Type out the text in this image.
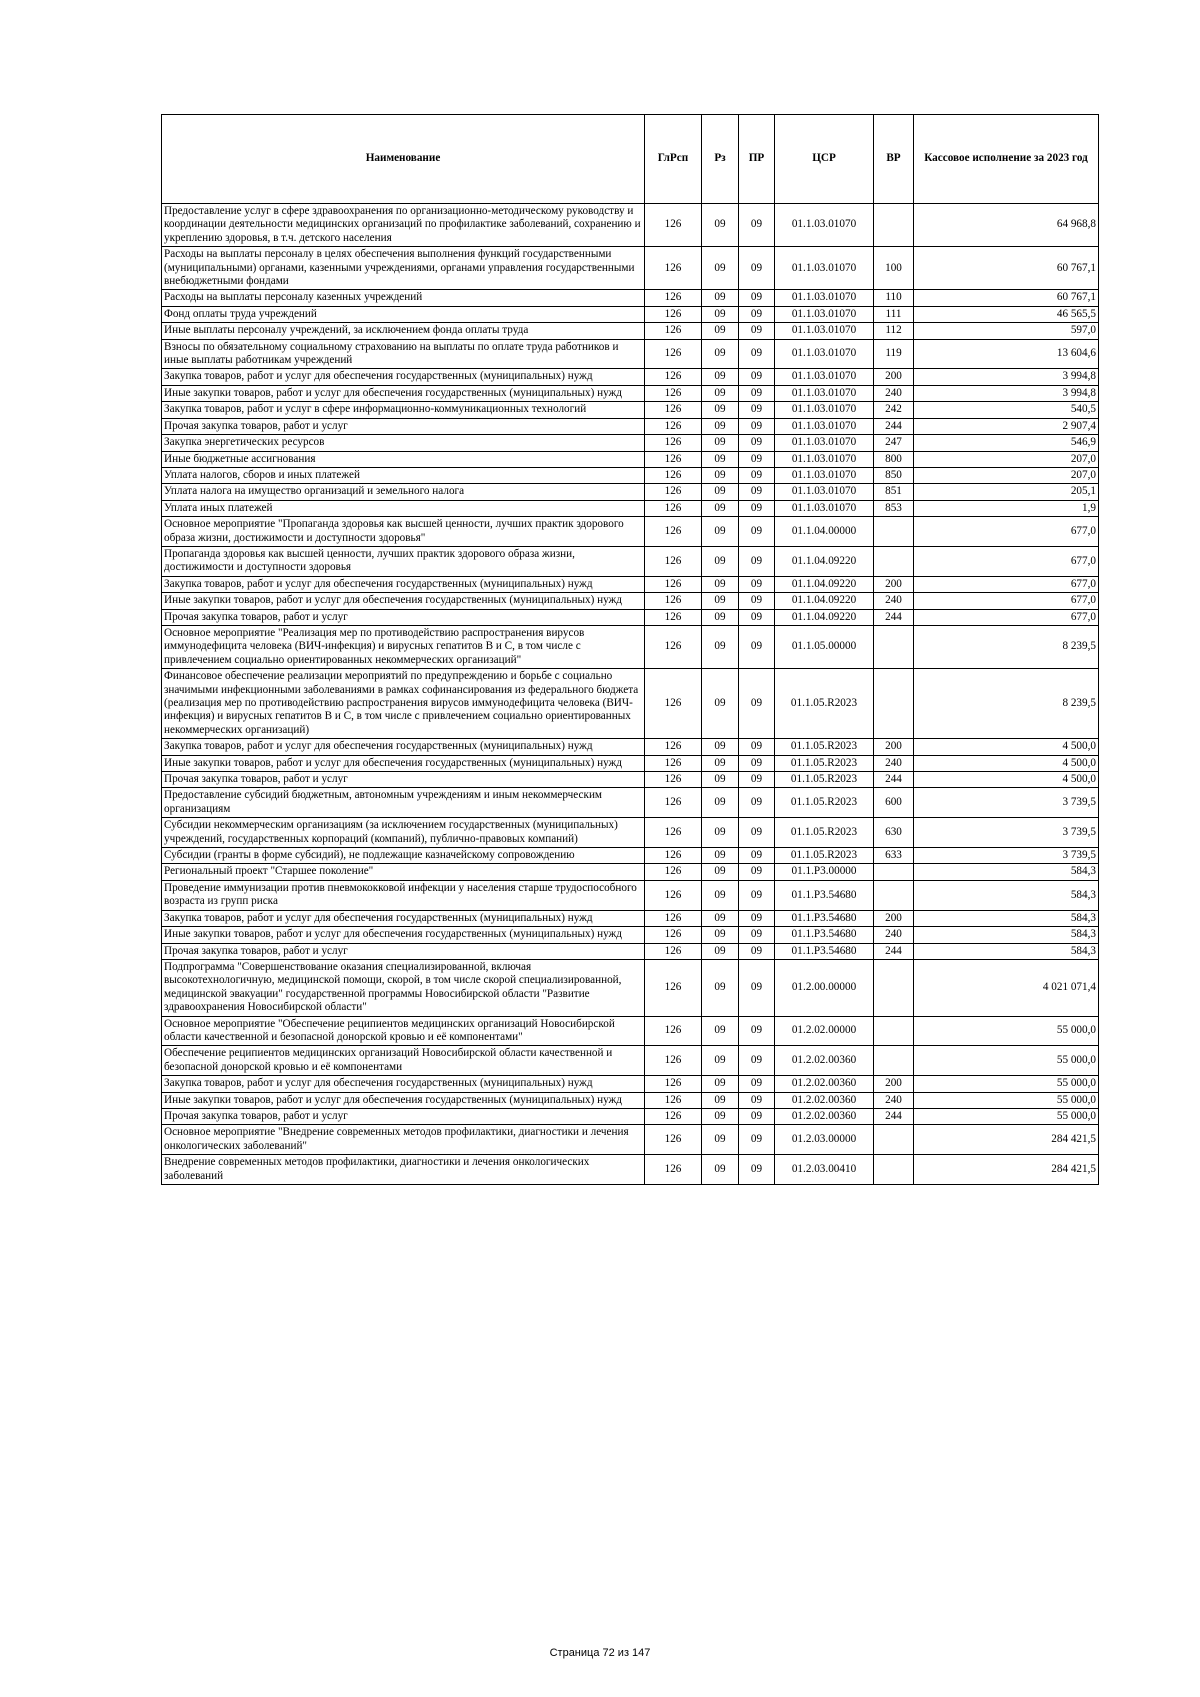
Наименование	ГлРсп	Рз	ПР	ЦСР	ВР	Кассовое исполнение за 2023 год
Предоставление услуг в сфере здравоохранения по организационно-методическому руководству и координации деятельности медицинских организаций по профилактике заболеваний, сохранению и укреплению здоровья, в т.ч. детского населения	126	09	09	01.1.03.01070		64 968,8
Расходы на выплаты персоналу в целях обеспечения выполнения функций государственными (муниципальными) органами, казенными учреждениями, органами управления государственными внебюджетными фондами	126	09	09	01.1.03.01070	100	60 767,1
Расходы на выплаты персоналу казенных учреждений	126	09	09	01.1.03.01070	110	60 767,1
Фонд оплаты труда учреждений	126	09	09	01.1.03.01070	111	46 565,5
Иные выплаты персоналу учреждений, за исключением фонда оплаты труда	126	09	09	01.1.03.01070	112	597,0
Взносы по обязательному социальному страхованию на выплаты по оплате труда работников и иные выплаты работникам учреждений	126	09	09	01.1.03.01070	119	13 604,6
Закупка товаров, работ и услуг для обеспечения государственных (муниципальных) нужд	126	09	09	01.1.03.01070	200	3 994,8
Иные закупки товаров, работ и услуг для обеспечения государственных (муниципальных) нужд	126	09	09	01.1.03.01070	240	3 994,8
Закупка товаров, работ и услуг в сфере информационно-коммуникационных технологий	126	09	09	01.1.03.01070	242	540,5
Прочая закупка товаров, работ и услуг	126	09	09	01.1.03.01070	244	2 907,4
Закупка энергетических ресурсов	126	09	09	01.1.03.01070	247	546,9
Иные бюджетные ассигнования	126	09	09	01.1.03.01070	800	207,0
Уплата налогов, сборов и иных платежей	126	09	09	01.1.03.01070	850	207,0
Уплата налога на имущество организаций и земельного налога	126	09	09	01.1.03.01070	851	205,1
Уплата иных платежей	126	09	09	01.1.03.01070	853	1,9
Основное мероприятие "Пропаганда здоровья как высшей ценности, лучших практик здорового образа жизни, достижимости и доступности здоровья"	126	09	09	01.1.04.00000		677,0
Пропаганда здоровья как высшей ценности, лучших практик здорового образа жизни, достижимости и доступности здоровья	126	09	09	01.1.04.09220		677,0
Закупка товаров, работ и услуг для обеспечения государственных (муниципальных) нужд	126	09	09	01.1.04.09220	200	677,0
Иные закупки товаров, работ и услуг для обеспечения государственных (муниципальных) нужд	126	09	09	01.1.04.09220	240	677,0
Прочая закупка товаров, работ и услуг	126	09	09	01.1.04.09220	244	677,0
Основное мероприятие "Реализация мер по противодействию распространения вирусов иммунодефицита человека (ВИЧ-инфекция) и вирусных гепатитов В и С, в том числе с привлечением социально ориентированных некоммерческих организаций"	126	09	09	01.1.05.00000		8 239,5
Финансовое обеспечение реализации мероприятий по предупреждению и борьбе с социально значимыми инфекционными заболеваниями в рамках софинансирования из федерального бюджета (реализация мер по противодействию распространения вирусов иммунодефицита человека (ВИЧ-инфекция) и вирусных гепатитов В и С, в том числе с привлечением социально ориентированных некоммерческих организаций)	126	09	09	01.1.05.R2023		8 239,5
Закупка товаров, работ и услуг для обеспечения государственных (муниципальных) нужд	126	09	09	01.1.05.R2023	200	4 500,0
Иные закупки товаров, работ и услуг для обеспечения государственных (муниципальных) нужд	126	09	09	01.1.05.R2023	240	4 500,0
Прочая закупка товаров, работ и услуг	126	09	09	01.1.05.R2023	244	4 500,0
Предоставление субсидий бюджетным, автономным учреждениям и иным некоммерческим организациям	126	09	09	01.1.05.R2023	600	3 739,5
Субсидии некоммерческим организациям (за исключением государственных (муниципальных) учреждений, государственных корпораций (компаний), публично-правовых компаний)	126	09	09	01.1.05.R2023	630	3 739,5
Субсидии (гранты в форме субсидий), не подлежащие казначейскому сопровождению	126	09	09	01.1.05.R2023	633	3 739,5
Региональный проект "Старшее поколение"	126	09	09	01.1.P3.00000		584,3
Проведение иммунизации против пневмококковой инфекции у населения старше трудоспособного возраста из групп риска	126	09	09	01.1.P3.54680		584,3
Закупка товаров, работ и услуг для обеспечения государственных (муниципальных) нужд	126	09	09	01.1.P3.54680	200	584,3
Иные закупки товаров, работ и услуг для обеспечения государственных (муниципальных) нужд	126	09	09	01.1.P3.54680	240	584,3
Прочая закупка товаров, работ и услуг	126	09	09	01.1.P3.54680	244	584,3
Подпрограмма "Совершенствование оказания специализированной, включая высокотехнологичную, медицинской помощи, скорой, в том числе скорой специализированной, медицинской эвакуации" государственной программы Новосибирской области "Развитие здравоохранения Новосибирской области"	126	09	09	01.2.00.00000		4 021 071,4
Основное мероприятие "Обеспечение реципиентов медицинских организаций Новосибирской области качественной и безопасной донорской кровью и её компонентами"	126	09	09	01.2.02.00000		55 000,0
Обеспечение реципиентов медицинских организаций Новосибирской области качественной и безопасной донорской кровью и её компонентами	126	09	09	01.2.02.00360		55 000,0
Закупка товаров, работ и услуг для обеспечения государственных (муниципальных) нужд	126	09	09	01.2.02.00360	200	55 000,0
Иные закупки товаров, работ и услуг для обеспечения государственных (муниципальных) нужд	126	09	09	01.2.02.00360	240	55 000,0
Прочая закупка товаров, работ и услуг	126	09	09	01.2.02.00360	244	55 000,0
Основное мероприятие "Внедрение современных методов профилактики, диагностики и лечения онкологических заболеваний"	126	09	09	01.2.03.00000		284 421,5
Внедрение современных методов профилактики, диагностики и лечения онкологических заболеваний	126	09	09	01.2.03.00410		284 421,5
Страница 72 из 147
